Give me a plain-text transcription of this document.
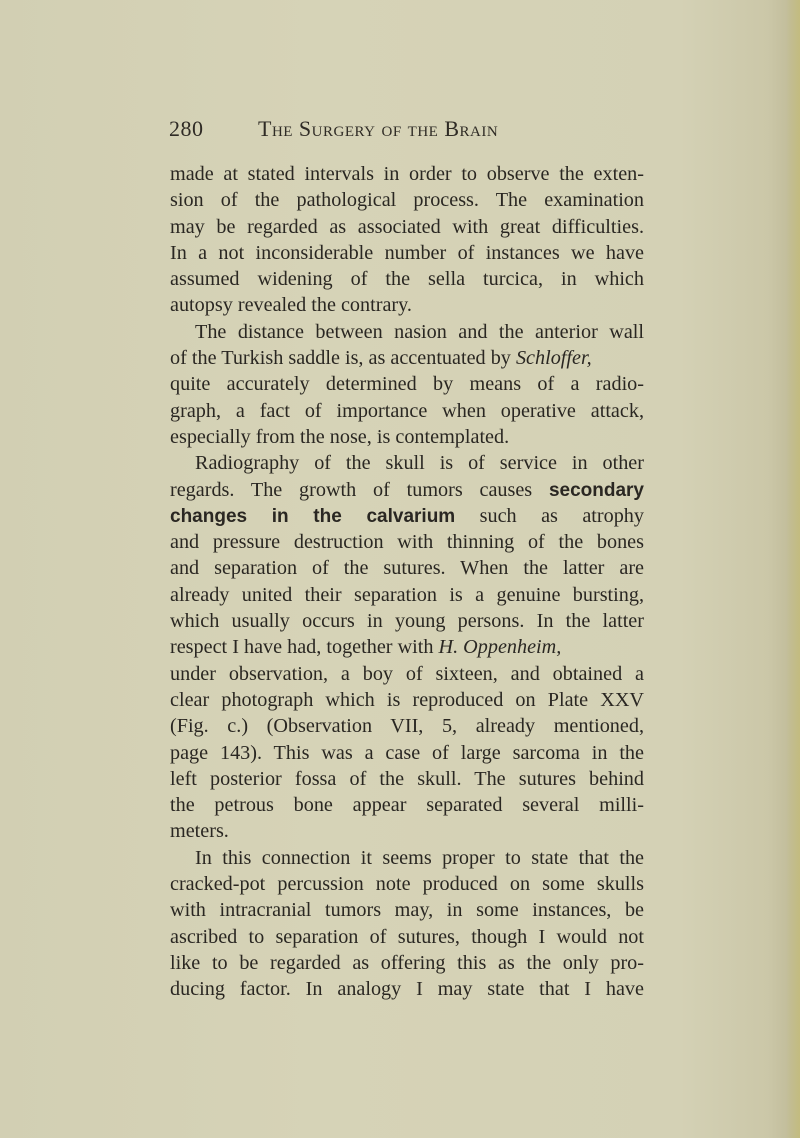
280 The Surgery of the Brain
made at stated intervals in order to observe the exten-
sion of the pathological process. The examination
may be regarded as associated with great difficulties.
In a not inconsiderable number of instances we have
assumed widening of the sella turcica, in which
autopsy revealed the contrary.
The distance between nasion and the anterior wall
of the Turkish saddle is, as accentuated by Schloffer,
quite accurately determined by means of a radio-
graph, a fact of importance when operative attack,
especially from the nose, is contemplated.
Radiography of the skull is of service in other
regards. The growth of tumors causes secondary
changes in the calvarium such as atrophy
and pressure destruction with thinning of the bones
and separation of the sutures. When the latter are
already united their separation is a genuine bursting,
which usually occurs in young persons. In the latter
respect I have had, together with H. Oppenheim,
under observation, a boy of sixteen, and obtained a
clear photograph which is reproduced on Plate XXV
(Fig. c.) (Observation VII, 5, already mentioned,
page 143). This was a case of large sarcoma in the
left posterior fossa of the skull. The sutures behind
the petrous bone appear separated several milli-
meters.
In this connection it seems proper to state that the
cracked-pot percussion note produced on some skulls
with intracranial tumors may, in some instances, be
ascribed to separation of sutures, though I would not
like to be regarded as offering this as the only pro-
ducing factor. In analogy I may state that I have
